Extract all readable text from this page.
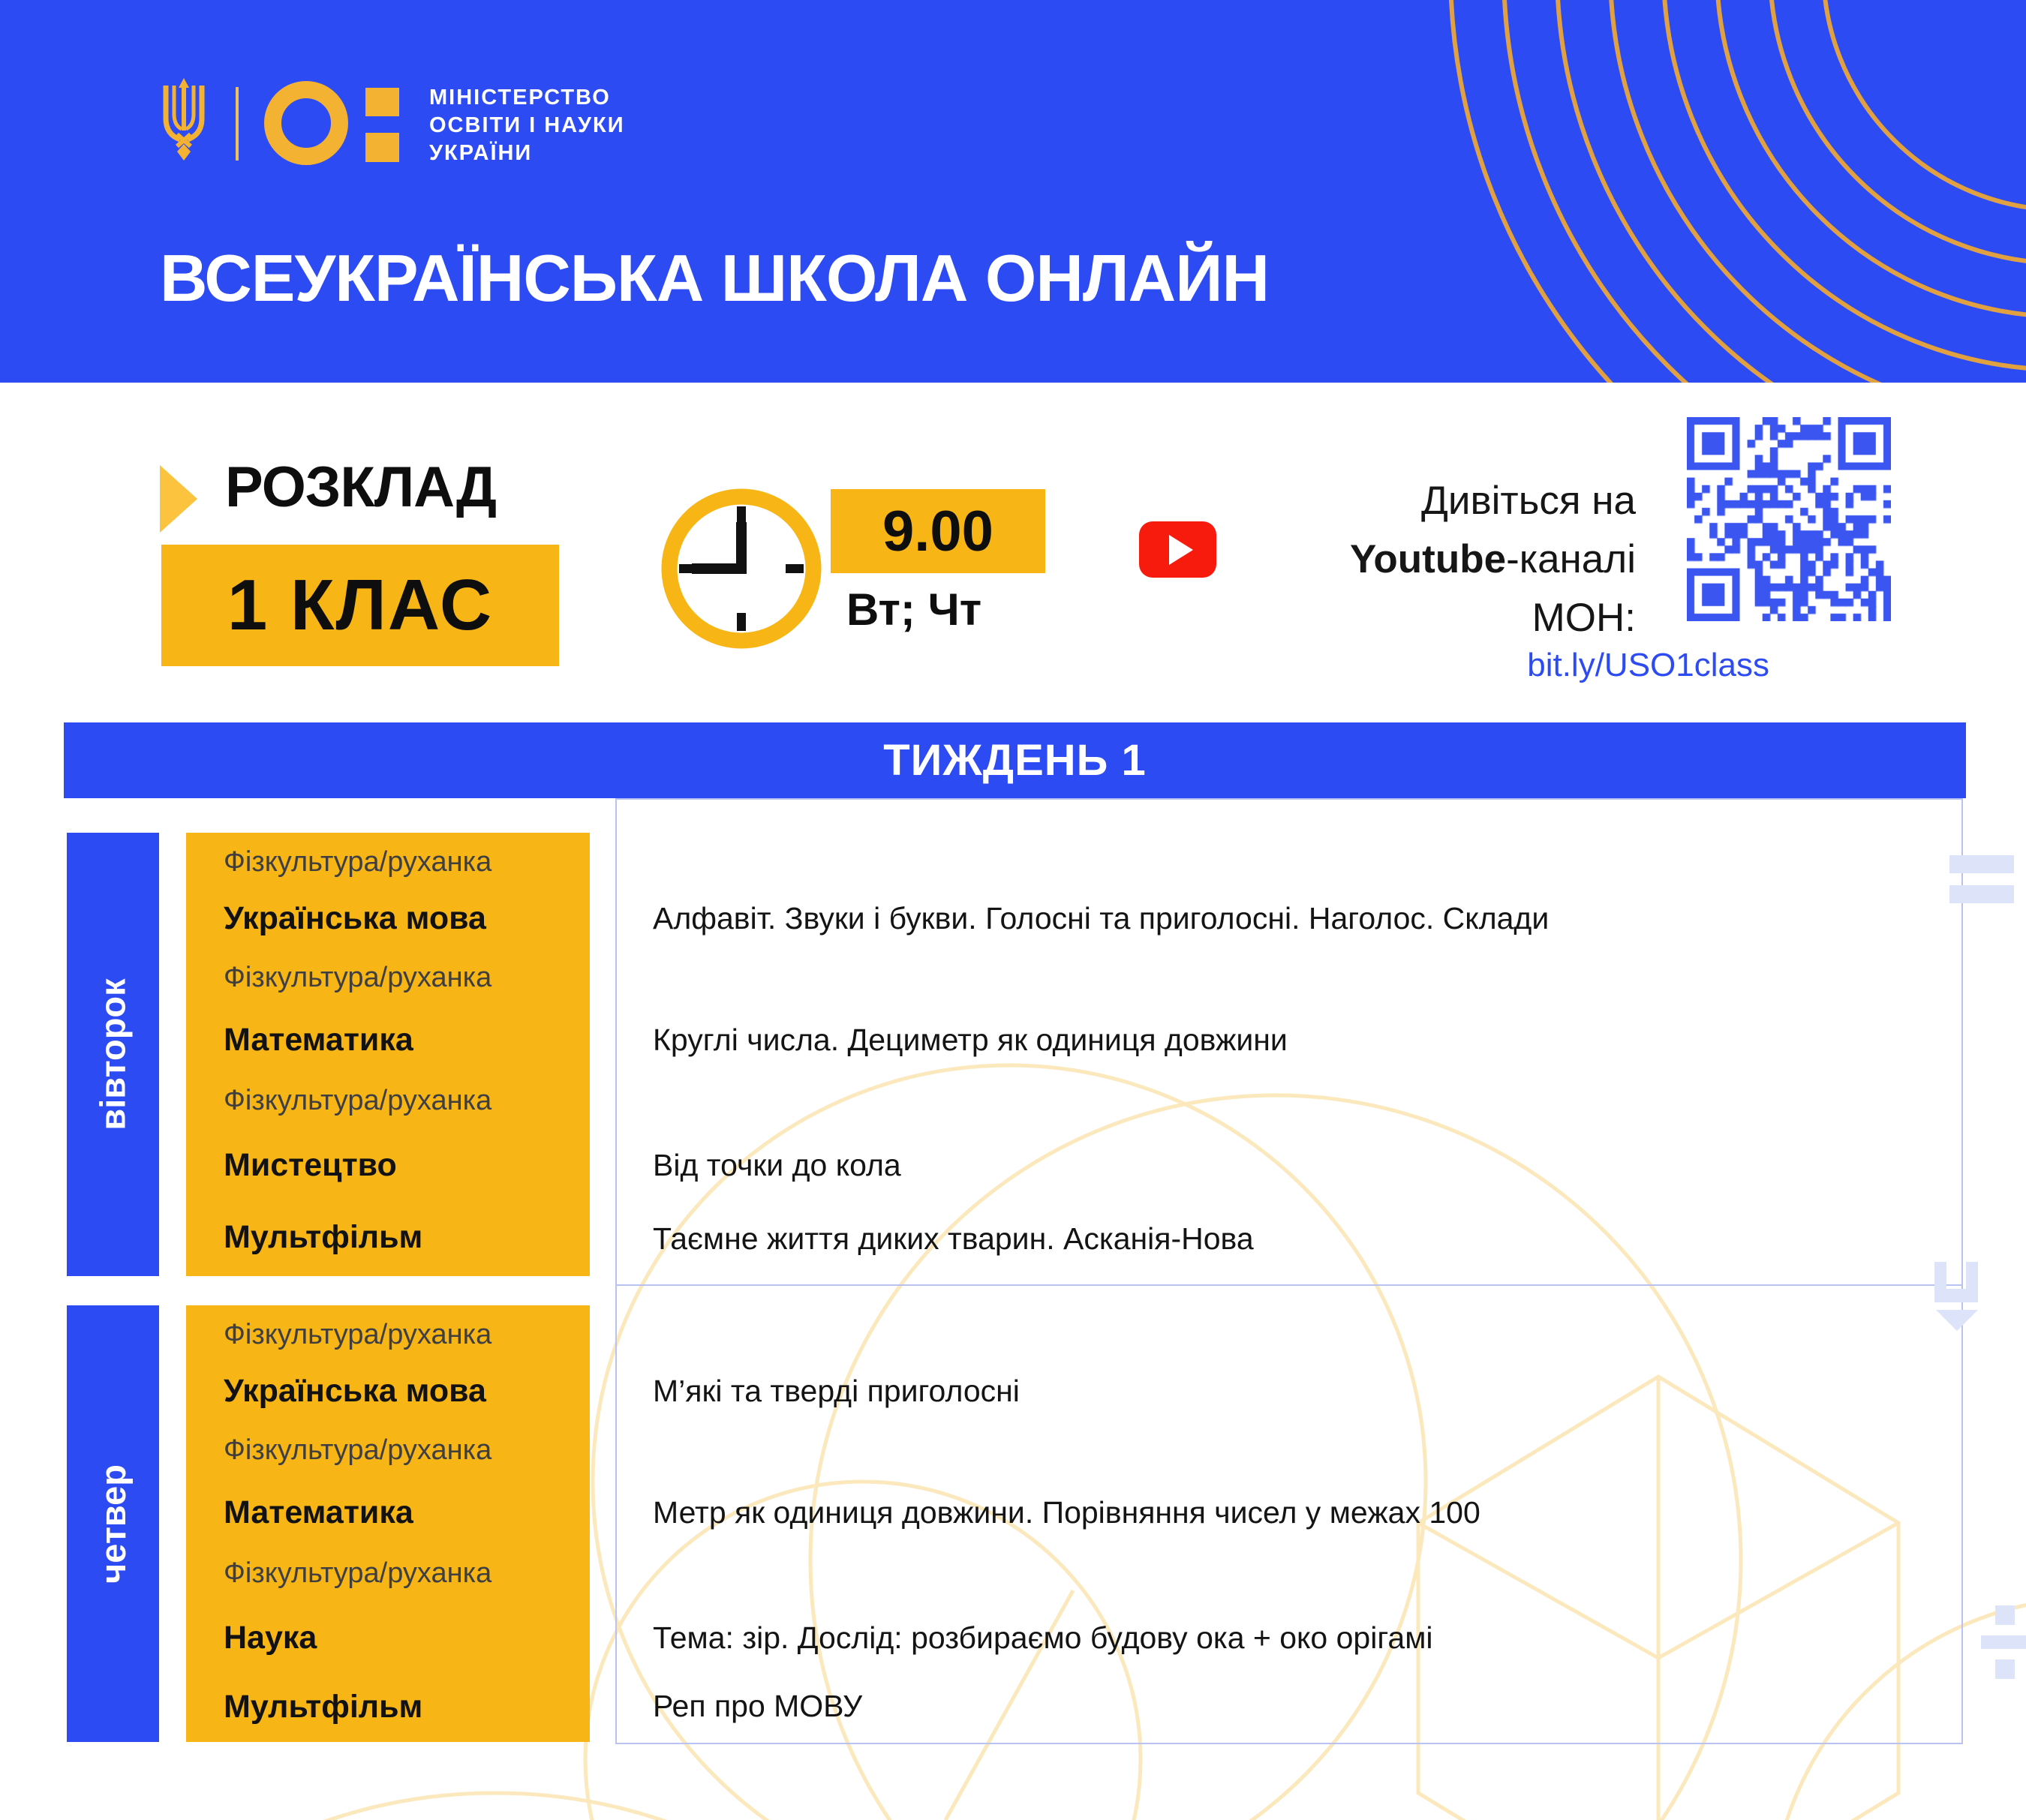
МІНІСТЕРСТВО
ОСВІТИ І НАУКИ
УКРАЇНИ
ВСЕУКРАЇНСЬКА ШКОЛА ОНЛАЙН
РОЗКЛАД
1 КЛАС
9.00
Вт; Чт
Дивіться на
Youtube -каналі
МОН:
bit.ly/USO1class
ТИЖДЕНЬ 1
вівторок
Фізкультура/руханка
Українська мова
Фізкультура/руханка
Математика
Фізкультура/руханка
Мистецтво
Мультфільм
четвер
Фізкультура/руханка
Українська мова
Фізкультура/руханка
Математика
Фізкультура/руханка
Наука
Мультфільм
Алфавіт. Звуки і букви. Голосні та приголосні. Наголос. Склади
Круглі числа. Дециметр як одиниця довжини
Від точки до кола
Таємне життя диких тварин. Асканія-Нова
М’які та тверді приголосні
Метр як одиниця довжини. Порівняння чисел у межах 100
Тема: зір. Дослід: розбираємо будову ока + око орігамі
Реп про МОВУ
